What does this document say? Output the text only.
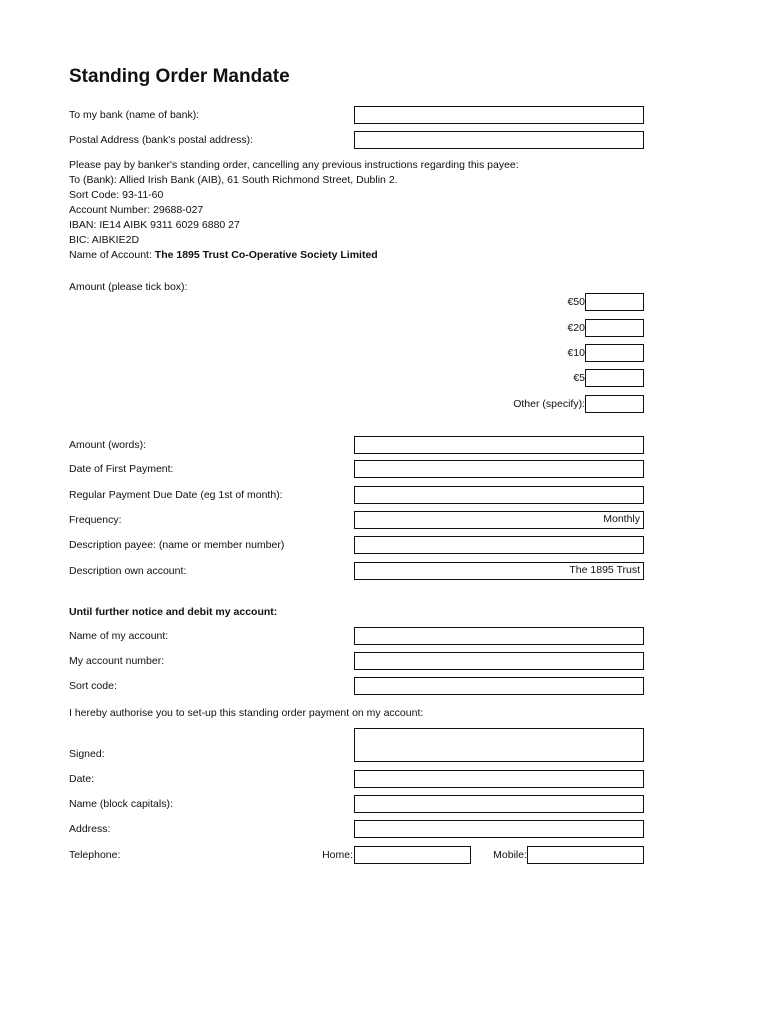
Standing Order Mandate
To my bank (name of bank):
Postal Address (bank's postal address):
Please pay by banker's standing order, cancelling any previous instructions regarding this payee:
To (Bank): Allied Irish Bank (AIB), 61 South Richmond Street, Dublin 2.
Sort Code: 93-11-60
Account Number: 29688-027
IBAN: IE14 AIBK 9311 6029 6880 27
BIC: AIBKIE2D
Name of Account: The 1895 Trust Co-Operative Society Limited
Amount (please tick box):
€50
€20
€10
€5
Other (specify):
Amount (words):
Date of First Payment:
Regular Payment Due Date (eg 1st of month):
Frequency:	Monthly
Description payee: (name or member number)
Description own account:	The 1895 Trust
Until further notice and debit my account:
Name of my account:
My account number:
Sort code:
I hereby authorise you to set-up this standing order payment on my account:
Signed:
Date:
Name (block capitals):
Address:
Telephone:	Home:	Mobile:
